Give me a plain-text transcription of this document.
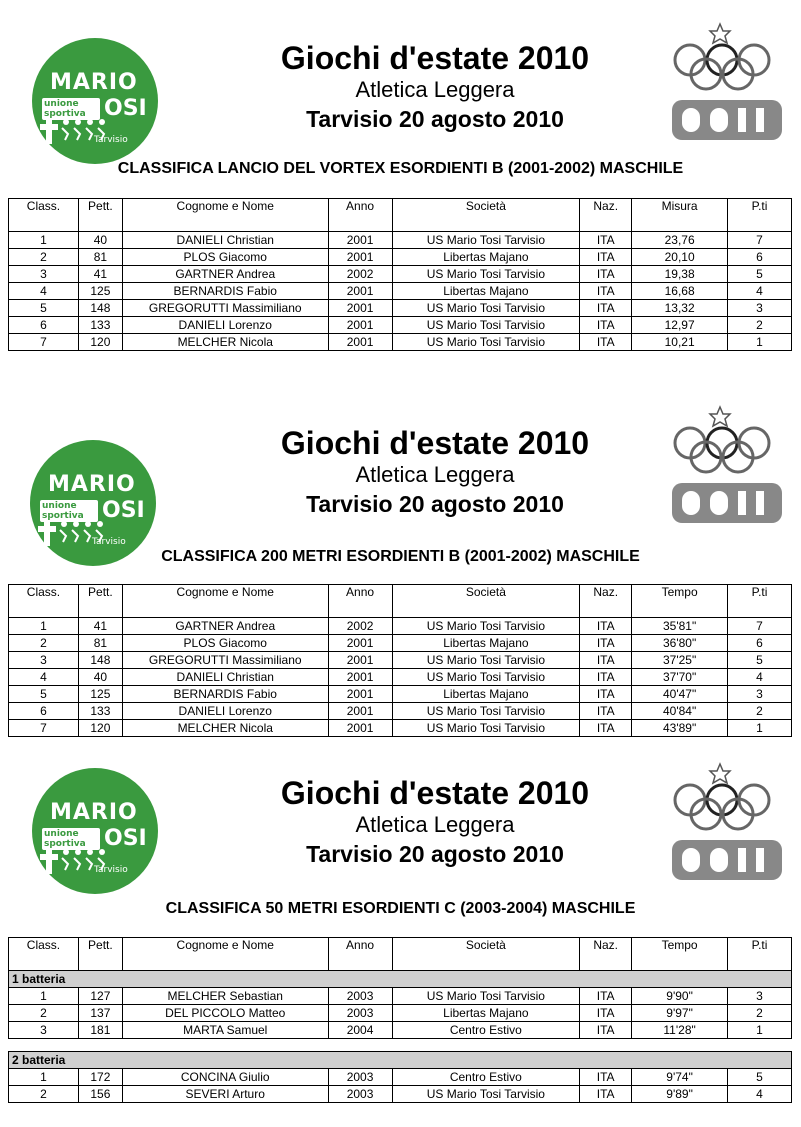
MARIO
unione sportiva OSI
Tarvisio
Giochi d'estate 2010
Atletica Leggera
Tarvisio 20 agosto 2010
CLASSIFICA LANCIO DEL VORTEX ESORDIENTI B (2001-2002) MASCHILE
Class.	Pett.	Cognome e Nome	Anno	Società	Naz.	Misura	P.ti
1	40	DANIELI Christian	2001	US Mario Tosi Tarvisio	ITA	23,76	7
2	81	PLOS Giacomo	2001	Libertas Majano	ITA	20,10	6
3	41	GARTNER Andrea	2002	US Mario Tosi Tarvisio	ITA	19,38	5
4	125	BERNARDIS Fabio	2001	Libertas Majano	ITA	16,68	4
5	148	GREGORUTTI Massimiliano	2001	US Mario Tosi Tarvisio	ITA	13,32	3
6	133	DANIELI Lorenzo	2001	US Mario Tosi Tarvisio	ITA	12,97	2
7	120	MELCHER Nicola	2001	US Mario Tosi Tarvisio	ITA	10,21	1
MARIO
unione sportiva OSI
Tarvisio
Giochi d'estate 2010
Atletica Leggera
Tarvisio 20 agosto 2010
CLASSIFICA 200 METRI ESORDIENTI B (2001-2002) MASCHILE
Class.	Pett.	Cognome e Nome	Anno	Società	Naz.	Tempo	P.ti
1	41	GARTNER Andrea	2002	US Mario Tosi Tarvisio	ITA	35'81"	7
2	81	PLOS Giacomo	2001	Libertas Majano	ITA	36'80"	6
3	148	GREGORUTTI Massimiliano	2001	US Mario Tosi Tarvisio	ITA	37'25"	5
4	40	DANIELI Christian	2001	US Mario Tosi Tarvisio	ITA	37'70"	4
5	125	BERNARDIS Fabio	2001	Libertas Majano	ITA	40'47"	3
6	133	DANIELI Lorenzo	2001	US Mario Tosi Tarvisio	ITA	40'84"	2
7	120	MELCHER Nicola	2001	US Mario Tosi Tarvisio	ITA	43'89"	1
MARIO
unione sportiva OSI
Tarvisio
Giochi d'estate 2010
Atletica Leggera
Tarvisio 20 agosto 2010
CLASSIFICA 50 METRI ESORDIENTI C (2003-2004) MASCHILE
Class.	Pett.	Cognome e Nome	Anno	Società	Naz.	Tempo	P.ti
1 batteria							
1	127	MELCHER Sebastian	2003	US Mario Tosi Tarvisio	ITA	9'90"	3
2	137	DEL PICCOLO Matteo	2003	Libertas Majano	ITA	9'97"	2
3	181	MARTA Samuel	2004	Centro Estivo	ITA	11'28"	1

2 batteria							
1	172	CONCINA Giulio	2003	Centro Estivo	ITA	9'74"	5
2	156	SEVERI Arturo	2003	US Mario Tosi Tarvisio	ITA	9'89"	4
